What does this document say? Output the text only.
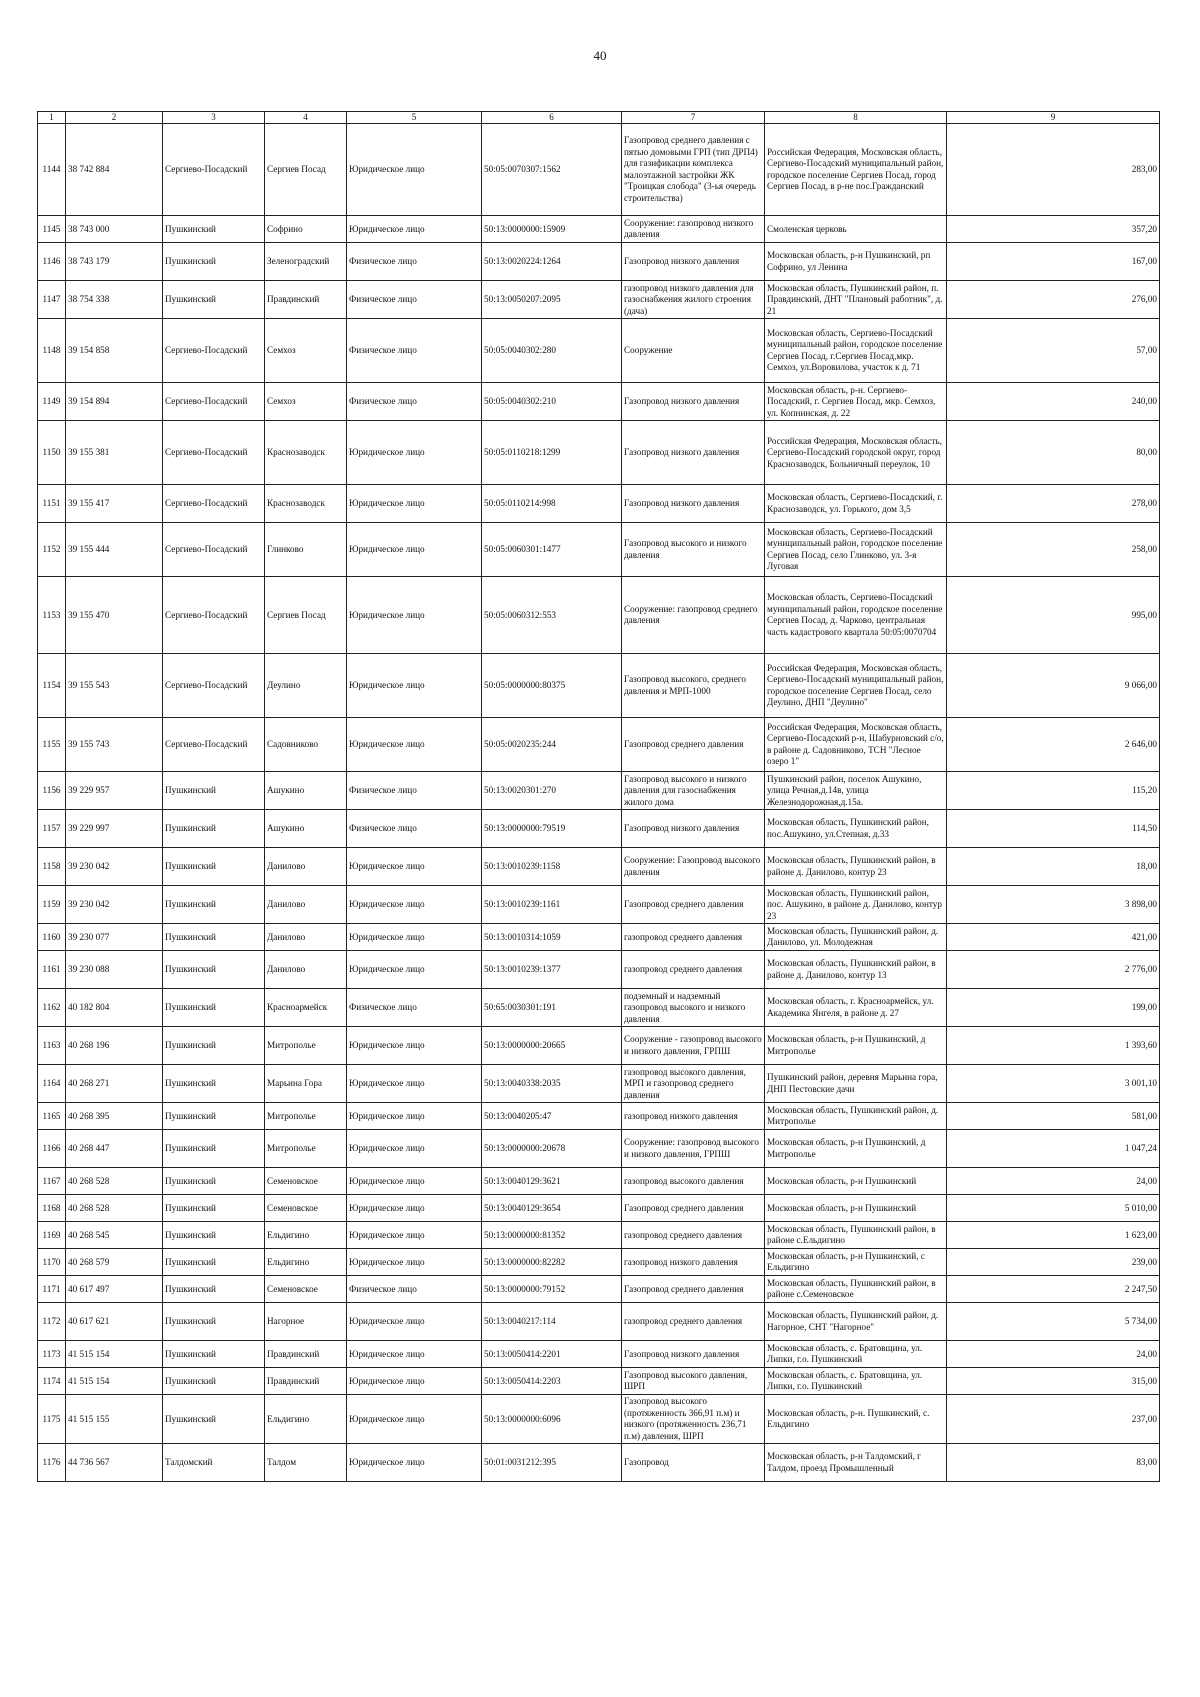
40
1	2	3	4	5	6	7	8	9
1144	38 742 884	Сергиево-Посадский	Сергиев Посад	Юридическое лицо	50:05:0070307:1562	Газопровод среднего давления с пятью домовыми ГРП (тип ДРП4) для газификации комплекса малоэтажной застройки ЖК "Троицкая слобода" (3-ья очередь строительства)	Российская Федерация, Московская область, Сергиево-Посадский муниципальный район, городское поселение Сергиев Посад, город Сергиев Посад, в р-не пос.Гражданский	283,00
1145	38 743 000	Пушкинский	Софрино	Юридическое лицо	50:13:0000000:15909	Сооружение: газопровод низкого давления	Смоленская церковь	357,20
1146	38 743 179	Пушкинский	Зеленоградский	Физическое лицо	50:13:0020224:1264	Газопровод низкого давления	Московская область, р-н Пушкинский, рп Софрино, ул Ленина	167,00
1147	38 754 338	Пушкинский	Правдинский	Физическое лицо	50:13:0050207:2095	газопровод низкого давления для газоснабжения жилого строения (дача)	Московская область, Пушкинский район, п. Правдинский, ДНТ "Плановый работник", д. 21	276,00
1148	39 154 858	Сергиево-Посадский	Семхоз	Физическое лицо	50:05:0040302:280	Сооружение	Московская область, Сергиево-Посадский муниципальный район, городское поселение Сергиев Посад, г.Сергиев Посад,мкр. Семхоз, ул.Воровилова, участок к д. 71	57,00
1149	39 154 894	Сергиево-Посадский	Семхоз	Физическое лицо	50:05:0040302:210	Газопровод низкого давления	Московская область, р-н. Сергиево-Посадский, г. Сергиев Посад, мкр. Семхоз, ул. Копнинская, д. 22	240,00
1150	39 155 381	Сергиево-Посадский	Краснозаводск	Юридическое лицо	50:05:0110218:1299	Газопровод низкого давления	Российская Федерация, Московская область, Сергиево-Посадский городской округ, город Краснозаводск, Больничный переулок, 10	80,00
1151	39 155 417	Сергиево-Посадский	Краснозаводск	Юридическое лицо	50:05:0110214:998	Газопровод низкого давления	Московская область, Сергиево-Посадский, г. Краснозаводск, ул. Горького, дом 3,5	278,00
1152	39 155 444	Сергиево-Посадский	Глинково	Юридическое лицо	50:05:0060301:1477	Газопровод высокого и низкого давления	Московская область, Сергиево-Посадский муниципальный район, городское поселение Сергиев Посад, село Глинково, ул. 3-я Луговая	258,00
1153	39 155 470	Сергиево-Посадский	Сергиев Посад	Юридическое лицо	50:05:0060312:553	Сооружение: газопровод среднего давления	Московская область, Сергиево-Посадский муниципальный район, городское поселение Сергиев Посад, д. Чарково, центральная часть кадастрового квартала 50:05:0070704	995,00
1154	39 155 543	Сергиево-Посадский	Деулино	Юридическое лицо	50:05:0000000:80375	Газопровод высокого, среднего давления и МРП-1000	Российская Федерация, Московская область, Сергиево-Посадский муниципальный район, городское поселение Сергиев Посад, село Деулино, ДНП "Деулино"	9 066,00
1155	39 155 743	Сергиево-Посадский	Садовниково	Юридическое лицо	50:05:0020235:244	Газопровод среднего давления	Российская Федерация, Московская область, Сергиево-Посадский р-н, Шабурновский с/о, в районе д. Садовниково, ТСН "Лесное озеро 1"	2 646,00
1156	39 229 957	Пушкинский	Ашукино	Физическое лицо	50:13:0020301:270	Газопровод высокого и низкого давления для газоснабжения жилого дома	Пушкинский район, поселок Ашукино, улица Речная,д.14в, улица Железнодорожная,д.15а.	115,20
1157	39 229 997	Пушкинский	Ашукино	Физическое лицо	50:13:0000000:79519	Газопровод низкого давления	Московская область, Пушкинский район, пос.Ашукино, ул.Степная, д.33	114,50
1158	39 230 042	Пушкинский	Данилово	Юридическое лицо	50:13:0010239:1158	Сооружение: Газопровод высокого давления	Московская область, Пушкинский район, в районе д. Данилово, контур 23	18,00
1159	39 230 042	Пушкинский	Данилово	Юридическое лицо	50:13:0010239:1161	Газопровод среднего давления	Московская область, Пушкинский район, пос. Ашукино, в районе д. Данилово, контур 23	3 898,00
1160	39 230 077	Пушкинский	Данилово	Юридическое лицо	50:13:0010314:1059	газопровод среднего давления	Московская область, Пушкинский район, д. Данилово, ул. Молодежная	421,00
1161	39 230 088	Пушкинский	Данилово	Юридическое лицо	50:13:0010239:1377	газопровод среднего давления	Московская область, Пушкинский район, в районе д. Данилово, контур 13	2 776,00
1162	40 182 804	Пушкинский	Красноармейск	Физическое лицо	50:65:0030301:191	подземный и надземный газопровод высокого и низкого давления	Московская область, г. Красноармейск, ул. Академика Янгеля, в районе д. 27	199,00
1163	40 268 196	Пушкинский	Митрополье	Юридическое лицо	50:13:0000000:20665	Сооружение - газопровод высокого и низкого давления, ГРПШ	Московская область, р-н Пушкинский, д Митрополье	1 393,60
1164	40 268 271	Пушкинский	Марьина Гора	Юридическое лицо	50:13:0040338:2035	газопровод высокого давления, МРП и газопровод среднего давления	Пушкинский район, деревня Марьина гора, ДНП Пестовские дачи	3 001,10
1165	40 268 395	Пушкинский	Митрополье	Юридическое лицо	50:13:0040205:47	газопровод низкого давления	Московская область, Пушкинский район, д. Митрополье	581,00
1166	40 268 447	Пушкинский	Митрополье	Юридическое лицо	50:13:0000000:20678	Сооружение: газопровод высокого и низкого давления, ГРПШ	Московская область, р-н Пушкинский, д Митрополье	1 047,24
1167	40 268 528	Пушкинский	Семеновское	Юридическое лицо	50:13:0040129:3621	газопровод высокого давления	Московская область, р-н Пушкинский	24,00
1168	40 268 528	Пушкинский	Семеновское	Юридическое лицо	50:13:0040129:3654	Газопровод среднего давления	Московская область, р-н Пушкинский	5 010,00
1169	40 268 545	Пушкинский	Ельдигино	Юридическое лицо	50:13:0000000:81352	газопровод среднего давления	Московская область, Пушкинский район, в районе с.Ельдигино	1 623,00
1170	40 268 579	Пушкинский	Ельдигино	Юридическое лицо	50:13:0000000:82282	газопровод низкого давления	Московская область, р-н Пушкинский, с Ельдигино	239,00
1171	40 617 497	Пушкинский	Семеновское	Физическое лицо	50:13:0000000:79152	Газопровод среднего давления	Московская область, Пушкинский район, в районе с.Семеновское	2 247,50
1172	40 617 621	Пушкинский	Нагорное	Юридическое лицо	50:13:0040217:114	газопровод среднего давления	Московская область, Пушкинский район, д. Нагорное, СНТ "Нагорное"	5 734,00
1173	41 515 154	Пушкинский	Правдинский	Юридическое лицо	50:13:0050414:2201	Газопровод низкого давления	Московская область, с. Братовщина, ул. Липки, г.о. Пушкинский	24,00
1174	41 515 154	Пушкинский	Правдинский	Юридическое лицо	50:13:0050414:2203	Газопровод высокого давления, ШРП	Московская область, с. Братовщина, ул. Липки, г.о. Пушкинский	315,00
1175	41 515 155	Пушкинский	Ельдигино	Юридическое лицо	50:13:0000000:6096	Газопровод высокого (протяженность 366,91 п.м) и низкого (протяженность 236,71 п.м) давления, ШРП	Московская область, р-н. Пушкинский, с. Ельдигино	237,00
1176	44 736 567	Талдомский	Талдом	Юридическое лицо	50:01:0031212:395	Газопровод	Московская область, р-н Талдомский, г Талдом, проезд Промышленный	83,00
